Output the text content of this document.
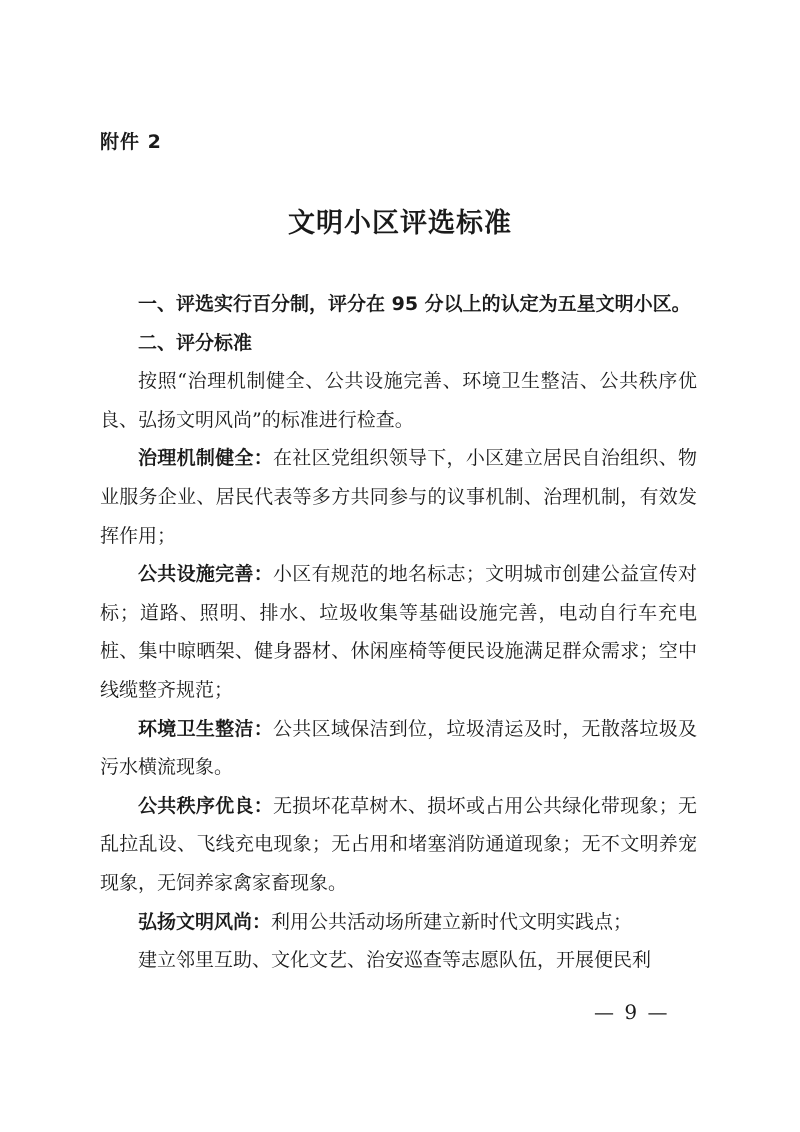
附件 2
文明小区评选标准

一、评选实行百分制，评分在 95 分以上的认定为五星文明小区。

二、评分标准

按照“治理机制健全、公共设施完善、环境卫生整洁、公共秩序优良、弘扬文明风尚”的标准进行检查。

治理机制健全：在社区党组织领导下，小区建立居民自治组织、物业服务企业、居民代表等多方共同参与的议事机制、治理机制，有效发挥作用；

公共设施完善：小区有规范的地名标志；文明城市创建公益宣传对标；道路、照明、排水、垃圾收集等基础设施完善，电动自行车充电桩、集中晾晒架、健身器材、休闲座椅等便民设施满足群众需求；空中线缆整齐规范；

环境卫生整洁：公共区域保洁到位，垃圾清运及时，无散落垃圾及污水横流现象。

公共秩序优良：无损坏花草树木、损坏或占用公共绿化带现象；无乱拉乱设、飞线充电现象；无占用和堵塞消防通道现象；无不文明养宠现象，无饲养家禽家畜现象。

弘扬文明风尚：利用公共活动场所建立新时代文明实践点；

建立邻里互助、文化文艺、治安巡查等志愿队伍，开展便民利

— 9 —
